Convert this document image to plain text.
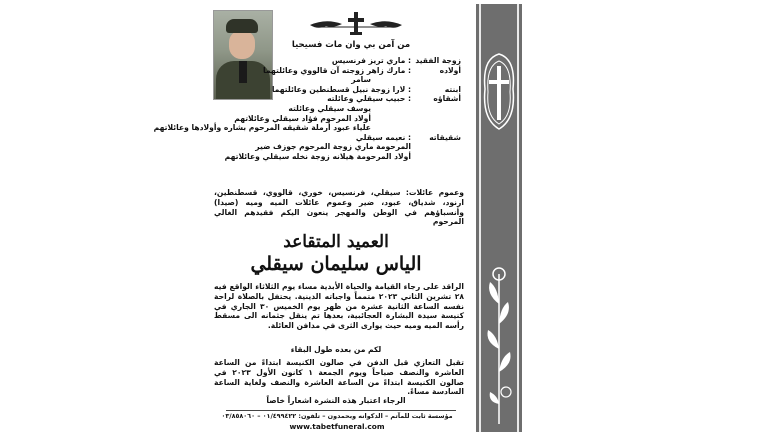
من آمن بي وان مات فسيحيا
زوجة الفقيد
: ماري تريز فرنسيس
أولاده
: مارك زاهر زوجته آن قالووي وعائلتهما
سامر
ابنته
: لارا زوجة نبيل قسطنطين وعائلتهما
أشقاؤه
: حبيب سيقلي وعائلته
يوسف سيقلي وعائلته
أولاد المرحوم فؤاد سيقلي وعائلاتهم
علياء عبود أرملة شقيقه المرحوم بشاره وأولادها وعائلاتهم
شقيقاته
: نعيمه سيقلي
المرحومة ماري زوجة المرحوم جوزف ضير
أولاد المرحومة هيلانه زوجة نخله سيقلي وعائلاتهم
وعموم عائلات: سيقلي، فرنسيس، خوري، قالووي، قسطنطين، ارنود، شدياق، عبود، ضير وعموم عائلات الميه وميه (صيدا) وأنسباؤهم في الوطن والمهجر ينعون اليكم فقيدهم الغالي المرحوم
العميد المتقاعد
الياس سليمان سيقلي
الراقد على رجاء القيامة والحياة الأبدية مساء يوم الثلاثاء الواقع فيه ٢٨ تشرين الثاني ٢٠٢٣ متمماً واجباته الدينية. يحتفل بالصلاة لراحة نفسه الساعة الثانية عشرة من ظهر يوم الخميس ٣٠ الجاري في كنيسة سيدة البشارة العجائبية، بعدها تم ينقل جثمانه الى مسقط رأسه الميه وميه حيث يوارى الثرى في مدافن العائلة.
لكم من بعده طول البقاء
تقبل التعازي قبل الدفن في صالون الكنيسة ابتداءً من الساعة العاشرة والنصف صباحاً ويوم الجمعة ١ كانون الأول ٢٠٢٣ في صالون الكنيسة ابتداءً من الساعة العاشرة والنصف ولغاية الساعة السادسة مساءً.
الرجاء اعتبار هذه النشرة اشعاراً خاصاً
مؤسسة ثابت للمآتم – الدكوانه وبحمدون – تلفون: ٠١/٤٩٩٤٢٢ – ٠٣/٨٥٨٠٦٠
www.tabetfuneral.com
